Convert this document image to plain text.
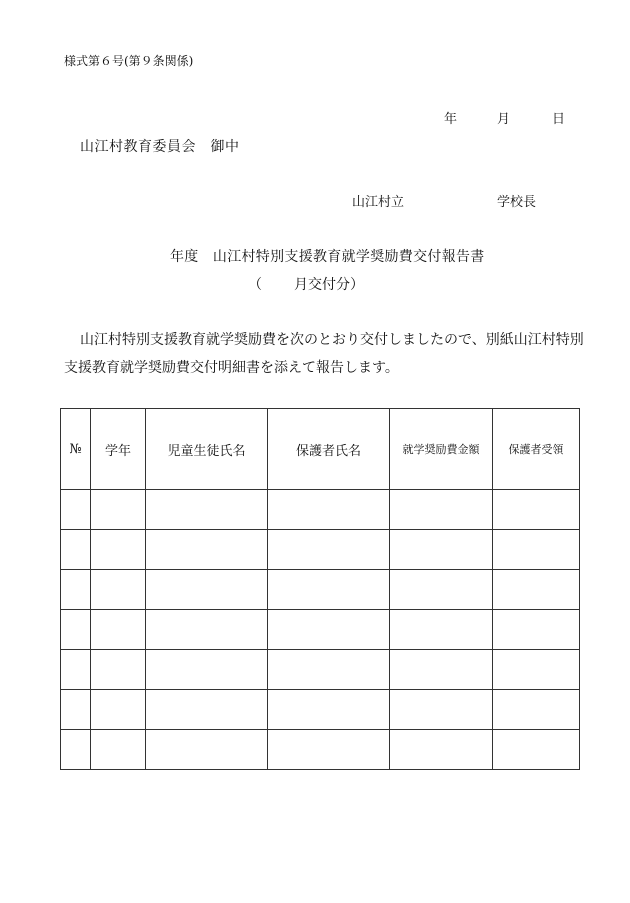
様式第６号(第９条関係)
年	月	日
山江村教育委員会　御中
山江村立	学校長
年度　山江村特別支援教育就学奨励費交付報告書
（ 月交付分）
山江村特別支援教育就学奨励費を次のとおり交付しましたので、別紙山江村特別
支援教育就学奨励費交付明細書を添えて報告します。
№	学年	児童生徒氏名	保護者氏名	就学奨励費金額	保護者受領
